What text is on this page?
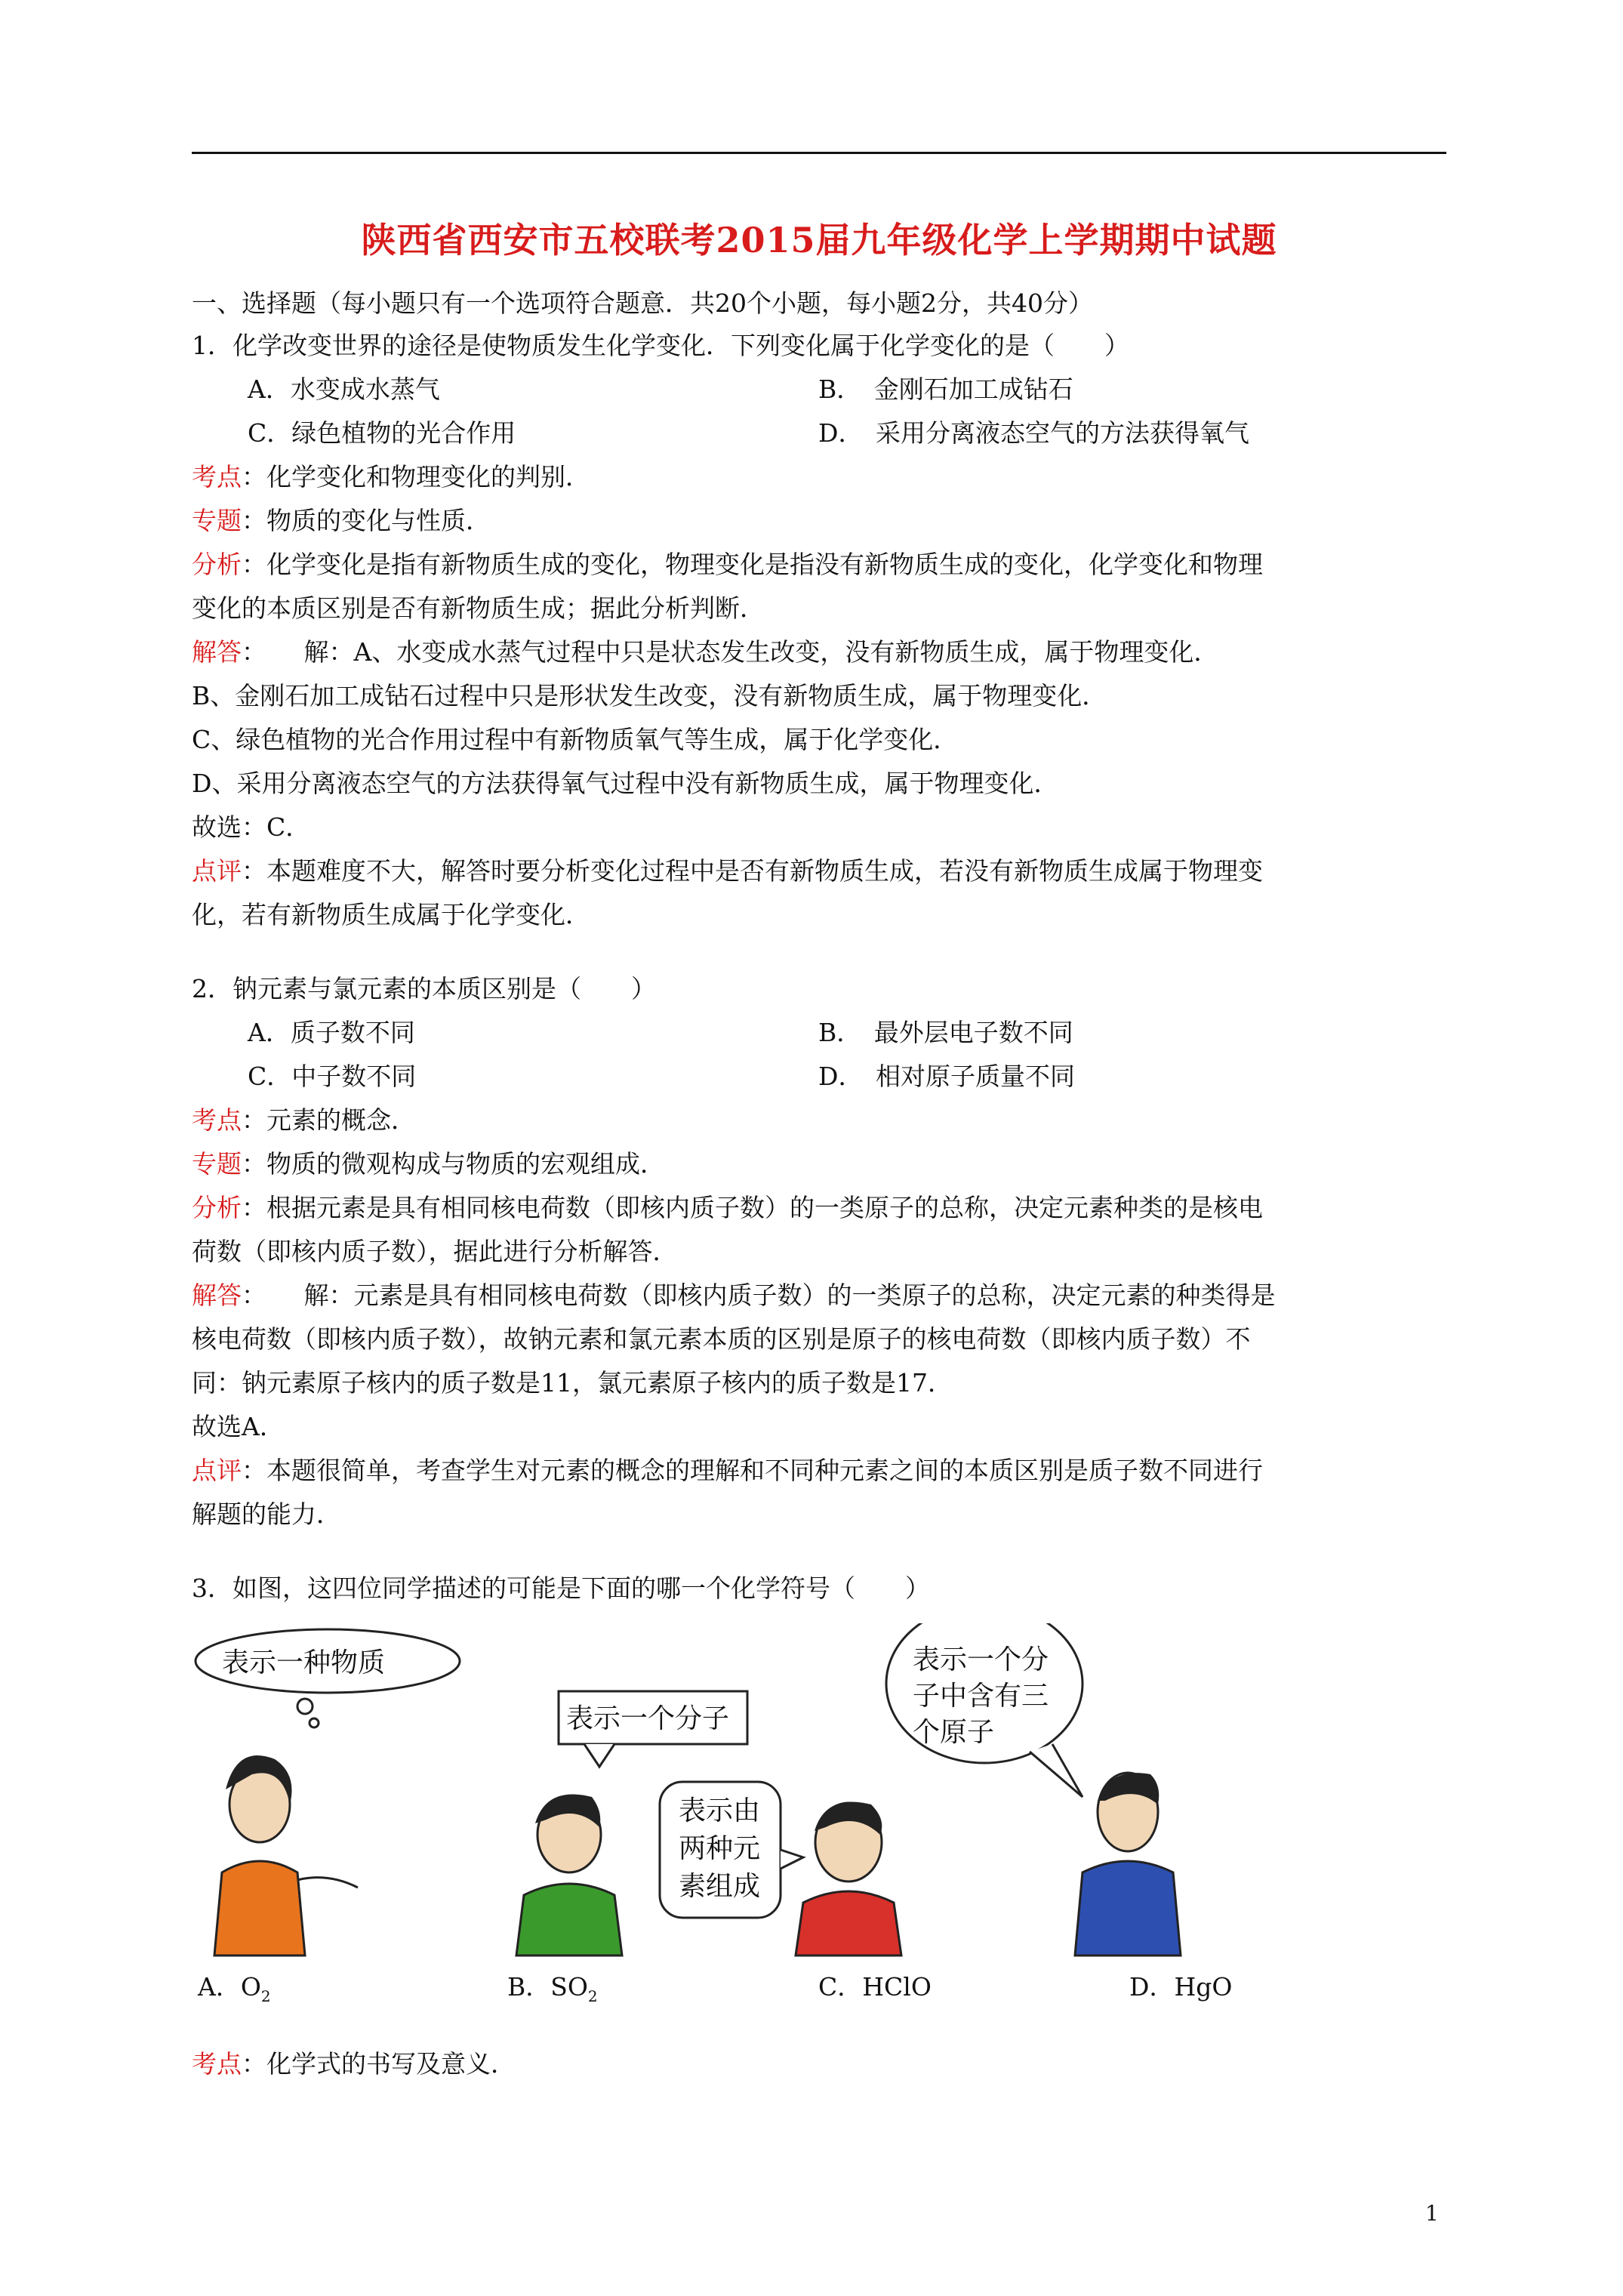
陕西省西安市五校联考2015届九年级化学上学期期中试题
一、选择题（每小题只有一个选项符合题意．共20个小题，每小题2分，共40分）
1．化学改变世界的途径是使物质发生化学变化．下列变化属于化学变化的是（　　）
A．水变成水蒸气	B．　金刚石加工成钻石
C．绿色植物的光合作用	D．　采用分离液态空气的方法获得氧气
考点：化学变化和物理变化的判别．
专题：物质的变化与性质．
分析：化学变化是指有新物质生成的变化，物理变化是指没有新物质生成的变化，化学变化和物理
变化的本质区别是否有新物质生成；据此分析判断．
解答：　　解：A、水变成水蒸气过程中只是状态发生改变，没有新物质生成，属于物理变化．
B、金刚石加工成钻石过程中只是形状发生改变，没有新物质生成，属于物理变化．
C、绿色植物的光合作用过程中有新物质氧气等生成，属于化学变化．
D、采用分离液态空气的方法获得氧气过程中没有新物质生成，属于物理变化．
故选：C．
点评：本题难度不大，解答时要分析变化过程中是否有新物质生成，若没有新物质生成属于物理变
化，若有新物质生成属于化学变化．
2．钠元素与氯元素的本质区别是（　　）
A．质子数不同	B．　最外层电子数不同
C．中子数不同	D．　相对原子质量不同
考点：元素的概念．
专题：物质的微观构成与物质的宏观组成．
分析：根据元素是具有相同核电荷数（即核内质子数）的一类原子的总称，决定元素种类的是核电
荷数（即核内质子数），据此进行分析解答．
解答：　　解：元素是具有相同核电荷数（即核内质子数）的一类原子的总称，决定元素的种类得是
核电荷数（即核内质子数），故钠元素和氯元素本质的区别是原子的核电荷数（即核内质子数）不
同：钠元素原子核内的质子数是11，氯元素原子核内的质子数是17．
故选A．
点评：本题很简单，考查学生对元素的概念的理解和不同种元素之间的本质区别是质子数不同进行
解题的能力．
3．如图，这四位同学描述的可能是下面的哪一个化学符号（　　）
表示一种物质
表示一个分子
表示由
两种元
素组成
表示一个分
子中含有三
个原子
A．$O_2$	B．$SO_2$	C．HClO	D．HgO
考点：化学式的书写及意义．
1
